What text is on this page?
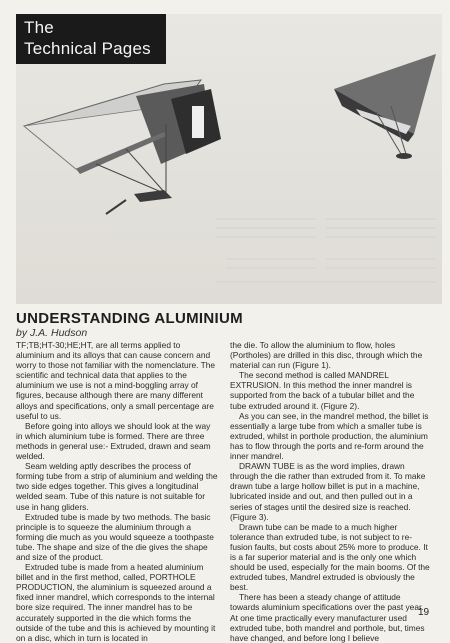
The
Technical Pages
UNDERSTANDING ALUMINIUM
by J.A. Hudson

TF;TB;HT-30;HE;HT, are all terms applied to aluminium and its alloys that can cause concern and worry to those not familiar with the nomenclature. The scientific and technical data that applies to the aluminium we use is not a mind-boggling array of figures, because although there are many different alloys and specifications, only a small percentage are useful to us.

Before going into alloys we should look at the way in which aluminium tube is formed. There are three methods in general use:- Extruded, drawn and seam welded.

Seam welding aptly describes the process of forming tube from a strip of aluminium and welding the two side edges together. This gives a longitudinal welded seam. Tube of this nature is not suitable for use in hang gliders.

Extruded tube is made by two methods. The basic principle is to squeeze the aluminium through a forming die much as you would squeeze a toothpaste tube. The shape and size of the die gives the shape and size of the product.

Extruded tube is made from a heated aluminium billet and in the first method, called, PORTHOLE PRODUCTION, the aluminium is squeezed around a fixed inner mandrel, which corresponds to the internal bore size required. The inner mandrel has to be accurately supported in the die which forms the outside of the tube and this is achieved by mounting it on a disc, which in turn is located in

the die. To allow the aluminium to flow, holes (Portholes) are drilled in this disc, through which the material can run (Figure 1).

The second method is called MANDREL EXTRUSION. In this method the inner mandrel is supported from the back of a tubular billet and the tube extruded around it. (Figure 2).

As you can see, in the mandrel method, the billet is essentially a large tube from which a smaller tube is extruded, whilst in porthole production, the aluminium has to flow through the ports and re-form around the inner mandrel.

DRAWN TUBE is as the word implies, drawn through the die rather than extruded from it. To make drawn tube a large hollow billet is put in a machine, lubricated inside and out, and then pulled out in a series of stages until the desired size is reached. (Figure 3).

Drawn tube can be made to a much higher tolerance than extruded tube, is not subject to re-fusion faults, but costs about 25% more to produce. It is a far superior material and is the only one which should be used, especially for the main booms. Of the extruded tubes, Mandrel extruded is obviously the best.

There has been a steady change of attitude towards aluminium specifications over the past year. At one time practically every manufacturer used extruded tube, both mandrel and porthole, but, times have changed, and before long I believe

19
